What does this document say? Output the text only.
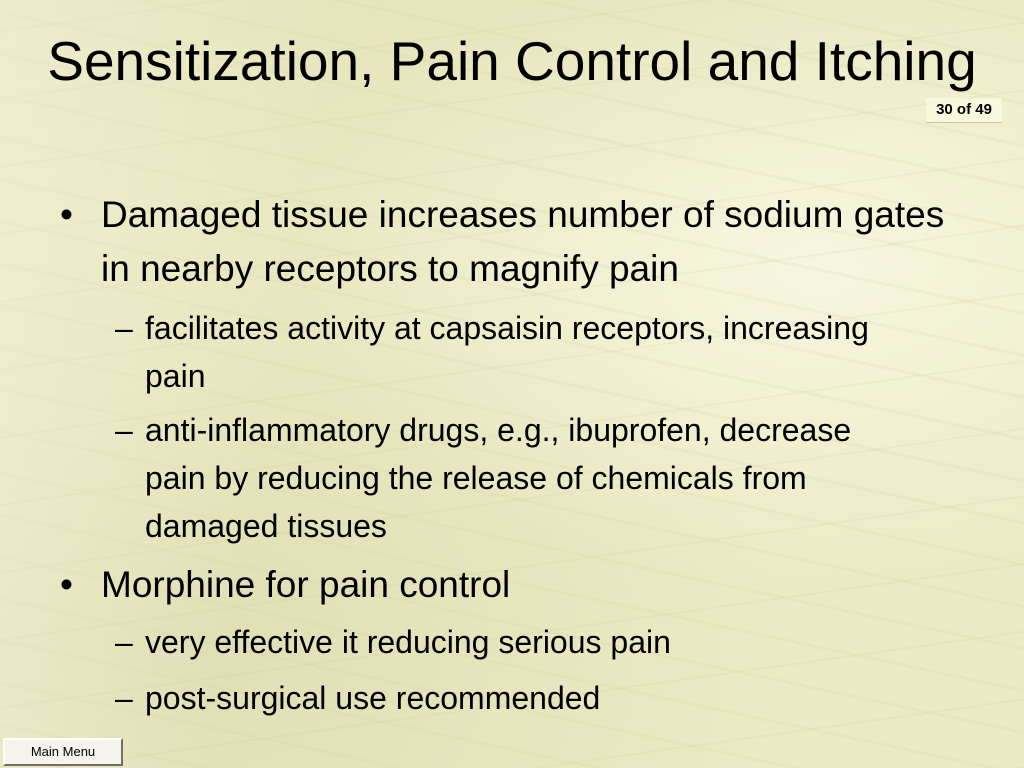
Sensitization, Pain Control and Itching
30 of 49

• Damaged tissue increases number of sodium gates in nearby receptors to magnify pain

– facilitates activity at capsaisin receptors, increasing pain

– anti-inflammatory drugs, e.g., ibuprofen, decrease pain by reducing the release of chemicals from damaged tissues

• Morphine for pain control

– very effective it reducing serious pain

– post-surgical use recommended

Main Menu
